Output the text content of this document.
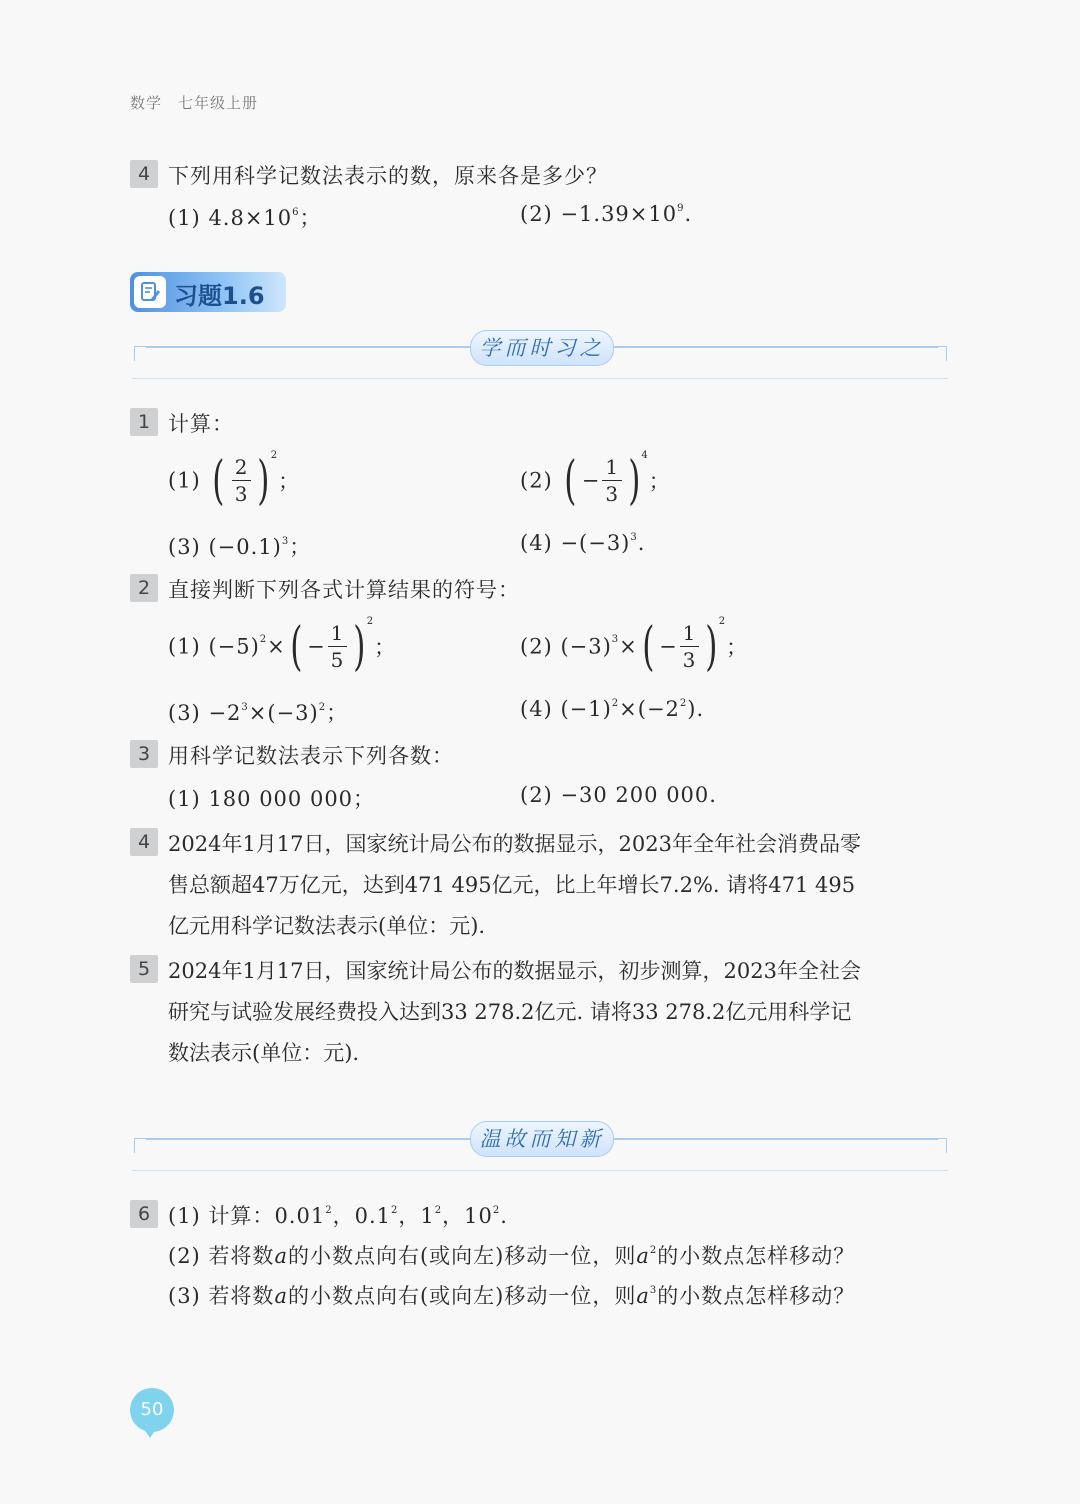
数学 七年级上册
4 下列用科学记数法表示的数，原来各是多少？
(1) $4.8\times 10^6$；	$(2) -1.39\times 10^9$.
习题1.6
学而时习之
1 计算：
(1) ( $\frac{2}{3} )^2$；	(2) ( − $\frac{1}{3} )^4$；
(3) $(-0.1)^3$；	$(4) -(-3)^3$.
2 直接判断下列各式计算结果的符号：
(1) $(-5)^2\times( - \frac{1}{5} )^2$；	(2) $(-3)^3\times( - \frac{1}{3} )^2$；
$(3) -2^3\times(-3)^2$；	(4) $(-1)^2\times(-2^2)$.
3 用科学记数法表示下列各数：
(1) 180 000 000；	(2) −30 200 000.
4 2024年1月17日，国家统计局公布的数据显示，2023年全年社会消费品零
售总额超47万亿元，达到471 495亿元，比上年增长7.2%. 请将471 495
亿元用科学记数法表示(单位：元).
5 2024年1月17日，国家统计局公布的数据显示，初步测算，2023年全社会
研究与试验发展经费投入达到33 278.2亿元. 请将33 278.2亿元用科学记
数法表示(单位：元).
温故而知新
6 (1) 计算：0.01$^2$，$0.1^2$，$1^2$，$10^2$.
(2) 若将数a的小数点向右(或向左)移动一位，则$a^2$的小数点怎样移动？
(3) 若将数a的小数点向右(或向左)移动一位，则$a^3$的小数点怎样移动？
50
